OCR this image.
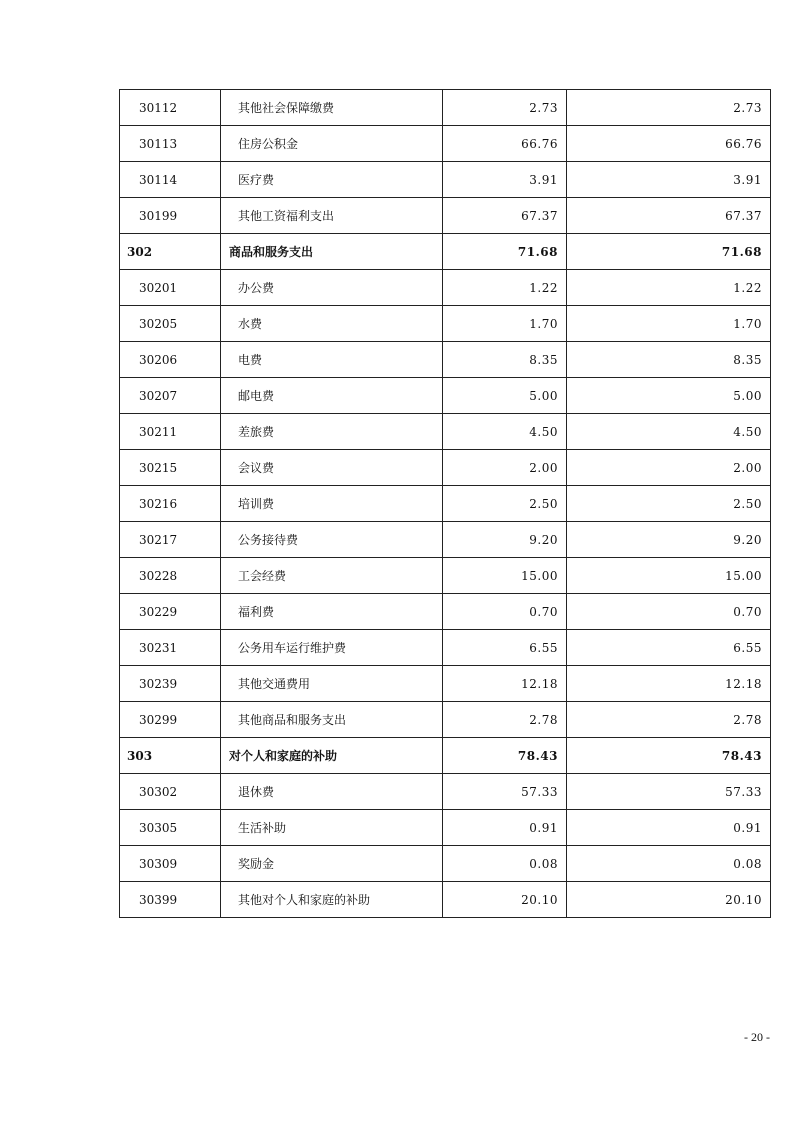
30112	其他社会保障缴费	2.73	2.73
30113	住房公积金	66.76	66.76
30114	医疗费	3.91	3.91
30199	其他工资福利支出	67.37	67.37
302	商品和服务支出	71.68	71.68
30201	办公费	1.22	1.22
30205	水费	1.70	1.70
30206	电费	8.35	8.35
30207	邮电费	5.00	5.00
30211	差旅费	4.50	4.50
30215	会议费	2.00	2.00
30216	培训费	2.50	2.50
30217	公务接待费	9.20	9.20
30228	工会经费	15.00	15.00
30229	福利费	0.70	0.70
30231	公务用车运行维护费	6.55	6.55
30239	其他交通费用	12.18	12.18
30299	其他商品和服务支出	2.78	2.78
303	对个人和家庭的补助	78.43	78.43
30302	退休费	57.33	57.33
30305	生活补助	0.91	0.91
30309	奖励金	0.08	0.08
30399	其他对个人和家庭的补助	20.10	20.10
- 20 -
